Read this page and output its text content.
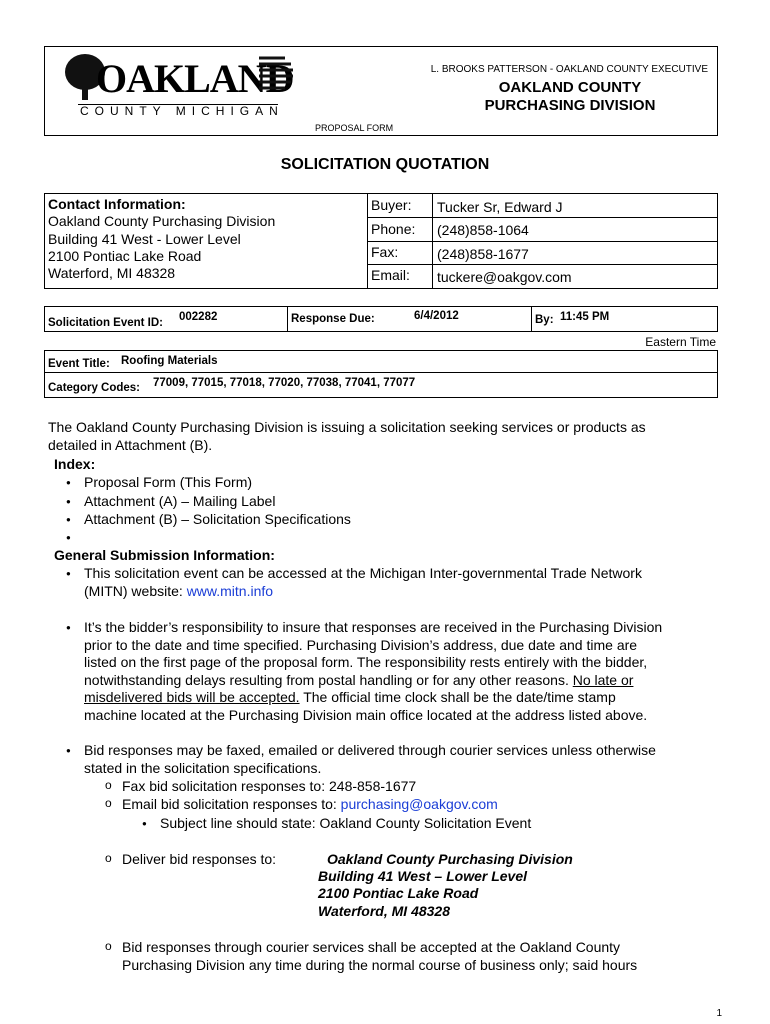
OAKLAND
COUNTY MICHIGAN
L. BROOKS PATTERSON - OAKLAND COUNTY EXECUTIVE
OAKLAND COUNTY
PURCHASING DIVISION
PROPOSAL FORM
SOLICITATION QUOTATION
Contact Information:
Oakland County Purchasing Division
Building 41 West - Lower Level
2100 Pontiac Lake Road
Waterford, MI 48328
Buyer: Tucker Sr, Edward J
Phone: (248)858-1064
Fax:	(248)858-1677
Email: tuckere@oakgov.com
Solicitation Event ID: 002282	Response Due:	6/4/2012	By: 11:45 PM
Eastern Time
Event Title: Roofing Materials
Category Codes: 77009, 77015, 77018, 77020, 77038, 77041, 77077
The Oakland County Purchasing Division is issuing a solicitation seeking services or products as
detailed in Attachment (B).
Index:
● Proposal Form (This Form)
● Attachment (A) – Mailing Label
● Attachment (B) – Solicitation Specifications
General Submission Information:
● This solicitation event can be accessed at the Michigan Inter-governmental Trade Network
(MITN) website: www.mitn.info
● It’s the bidder’s responsibility to insure that responses are received in the Purchasing Division
prior to the date and time specified. Purchasing Division’s address, due date and time are
listed on the first page of the proposal form. The responsibility rests entirely with the bidder,
notwithstanding delays resulting from postal handling or for any other reasons. No late or
misdelivered bids will be accepted. The official time clock shall be the date/time stamp
machine located at the Purchasing Division main office located at the address listed above.
● Bid responses may be faxed, emailed or delivered through courier services unless otherwise
stated in the solicitation specifications.
o Fax bid solicitation responses to: 248-858-1677
o Email bid solicitation responses to: purchasing@oakgov.com
● Subject line should state: Oakland County Solicitation Event
o Deliver bid responses to:	Oakland County Purchasing Division
Building 41 West – Lower Level
2100 Pontiac Lake Road
Waterford, MI 48328
o Bid responses through courier services shall be accepted at the Oakland County
Purchasing Division any time during the normal course of business only; said hours
1
